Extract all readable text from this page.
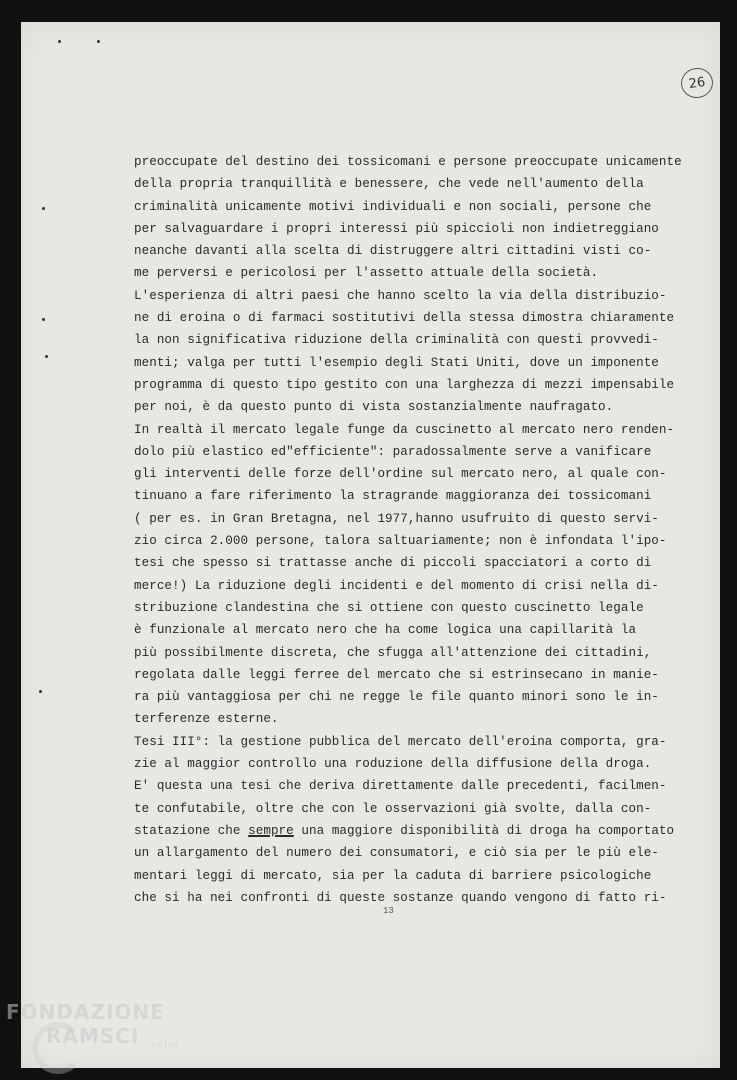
26
preoccupate del destino dei tossicomani e persone preoccupate unicamente
della propria tranquillità e benessere, che vede nell'aumento della
criminalità unicamente motivi individuali e non sociali, persone che
per salvaguardare i propri interessi più spiccioli non indietreggiano
neanche davanti alla scelta di distruggere altri cittadini visti co-
me perversi e pericolosi per l'assetto attuale della società.
L'esperienza di altri paesi che hanno scelto la via della distribuzio-
ne di eroina o di farmaci sostitutivi della stessa dimostra chiaramente
la non significativa riduzione della criminalità con questi provvedi-
menti; valga per tutti l'esempio degli Stati Uniti, dove un imponente
programma di questo tipo gestito con una larghezza di mezzi impensabile
per noi, è da questo punto di vista sostanzialmente naufragato.
In realtà il mercato legale funge da cuscinetto al mercato nero renden-
dolo più elastico ed"efficiente": paradossalmente serve a vanificare
gli interventi delle forze dell'ordine sul mercato nero, al quale con-
tinuano a fare riferimento la stragrande maggioranza dei tossicomani
( per es. in Gran Bretagna, nel 1977,hanno usufruito di questo servi-
zio circa 2.000 persone, talora saltuariamente; non è infondata l'ipo-
tesi che spesso si trattasse anche di piccoli spacciatori a corto di
merce!) La riduzione degli incidenti e del momento di crisi nella di-
stribuzione clandestina che si ottiene con questo cuscinetto legale
è funzionale al mercato nero che ha come logica una capillarità la
più possibilmente discreta, che sfugga all'attenzione dei cittadini,
regolata dalle leggi ferree del mercato che si estrinsecano in manie-
ra più vantaggiosa per chi ne regge le file quanto minori sono le in-
terferenze esterne.
Tesi III°: la gestione pubblica del mercato dell'eroina comporta, gra-
zie al maggior controllo una roduzione della diffusione della droga.
E' questa una tesi che deriva direttamente dalle precedenti, facilmen-
te confutabile, oltre che con le osservazioni già svolte, dalla con-
statazione che sempre una maggiore disponibilità di droga ha comportato
un allargamento del numero dei consumatori, e ciò sia per le più ele-
mentari leggi di mercato, sia per la caduta di barriere psicologiche
che si ha nei confronti di queste sostanze quando vengono di fatto ri-
13
FONDAZIONE
RAMSCI onlus
